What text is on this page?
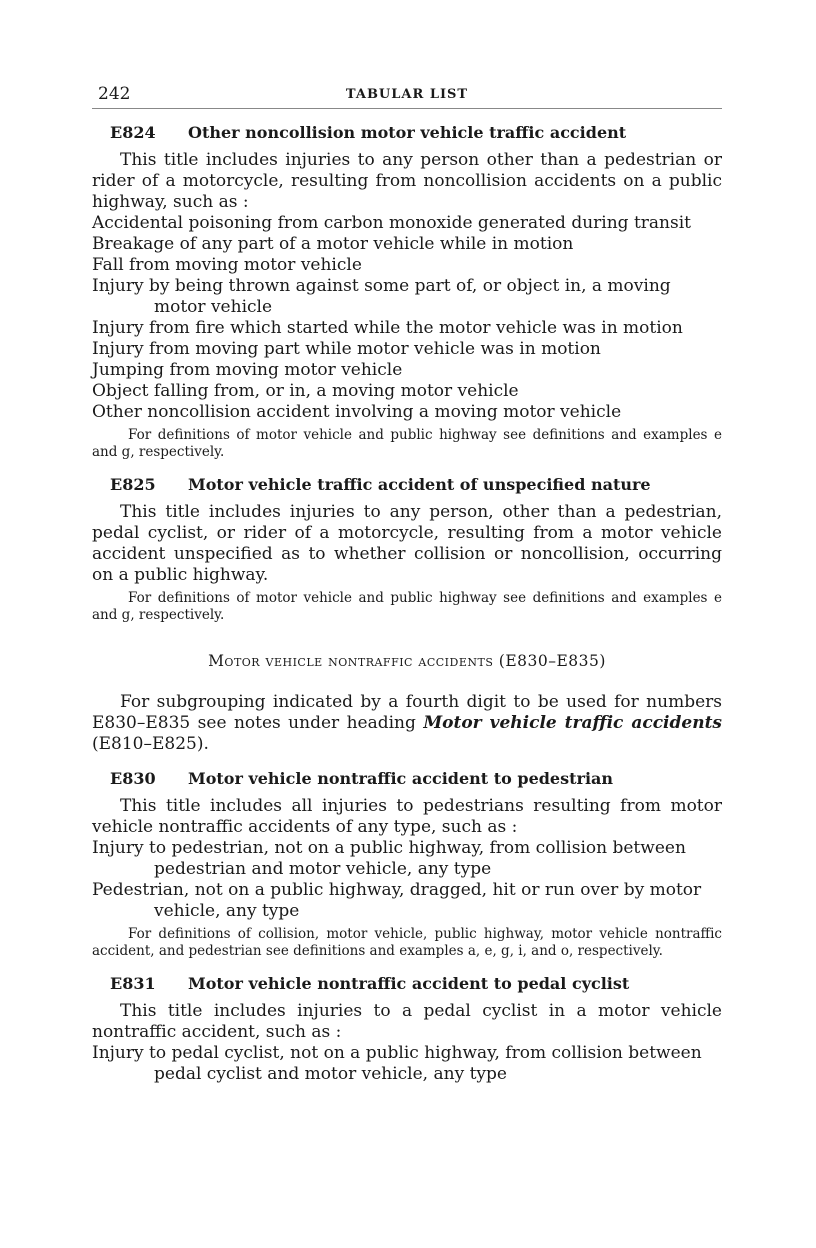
242	TABULAR LIST
E824 Other noncollision motor vehicle traffic accident

This title includes injuries to any person other than a pedestrian or rider of a motorcycle, resulting from noncollision accidents on a public highway, such as :

Accidental poisoning from carbon monoxide generated during transit
Breakage of any part of a motor vehicle while in motion
Fall from moving motor vehicle
Injury by being thrown against some part of, or object in, a moving motor vehicle
Injury from fire which started while the motor vehicle was in motion
Injury from moving part while motor vehicle was in motion
Jumping from moving motor vehicle
Object falling from, or in, a moving motor vehicle
Other noncollision accident involving a moving motor vehicle

For definitions of motor vehicle and public highway see definitions and examples e and g, respectively.

E825 Motor vehicle traffic accident of unspecified nature

This title includes injuries to any person, other than a pedestrian, pedal cyclist, or rider of a motorcycle, resulting from a motor vehicle accident unspecified as to whether collision or noncollision, occurring on a public highway.

For definitions of motor vehicle and public highway see definitions and examples e and g, respectively.

Motor vehicle nontraffic accidents (E830–E835)

For subgrouping indicated by a fourth digit to be used for numbers E830–E835 see notes under heading Motor vehicle traffic accidents (E810–E825).

E830 Motor vehicle nontraffic accident to pedestrian

This title includes all injuries to pedestrians resulting from motor vehicle nontraffic accidents of any type, such as :

Injury to pedestrian, not on a public highway, from collision between pedestrian and motor vehicle, any type
Pedestrian, not on a public highway, dragged, hit or run over by motor vehicle, any type

For definitions of collision, motor vehicle, public highway, motor vehicle nontraffic accident, and pedestrian see definitions and examples a, e, g, i, and o, respectively.

E831 Motor vehicle nontraffic accident to pedal cyclist

This title includes injuries to a pedal cyclist in a motor vehicle nontraffic accident, such as :

Injury to pedal cyclist, not on a public highway, from collision between pedal cyclist and motor vehicle, any type
